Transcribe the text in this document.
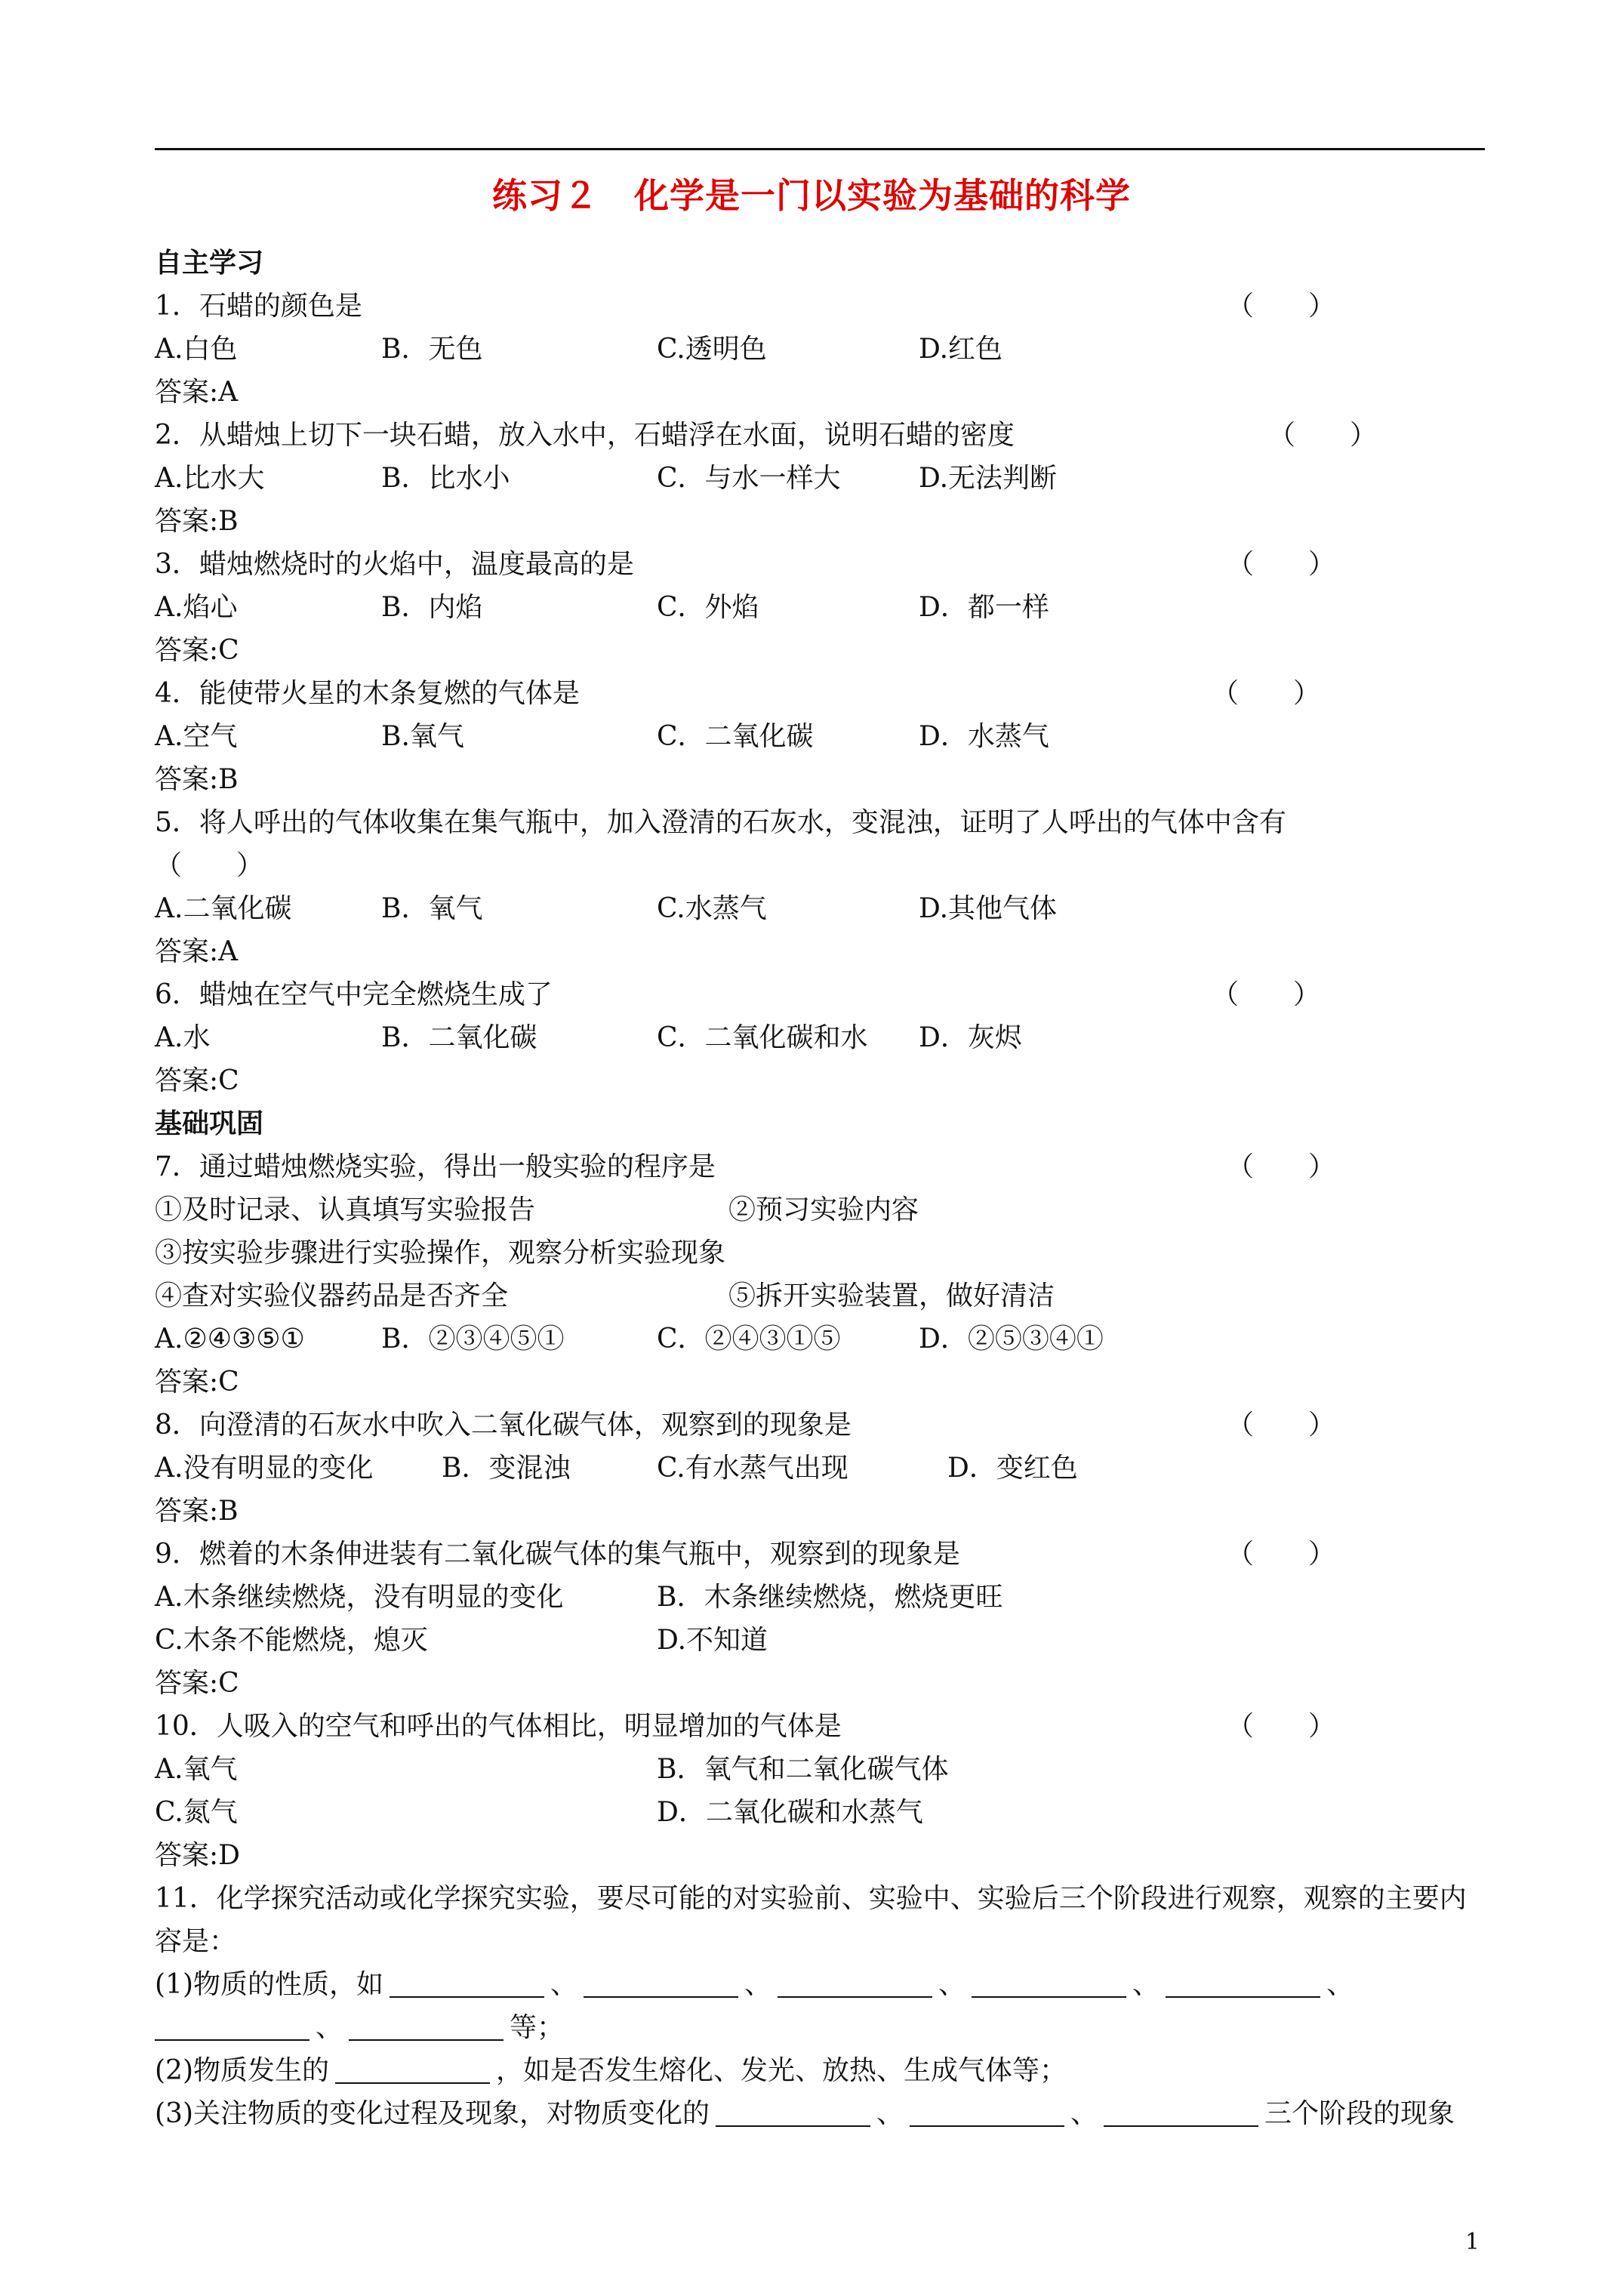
练习２　化学是一门以实验为基础的科学
自主学习
1．石蜡的颜色是	（　　）
A.白色	B．无色	C.透明色	D.红色
答案:A
2．从蜡烛上切下一块石蜡，放入水中，石蜡浮在水面，说明石蜡的密度	（　　）
A.比水大	B．比水小	C．与水一样大	D.无法判断
答案:B
3．蜡烛燃烧时的火焰中，温度最高的是	（　　）
A.焰心	B．内焰	C．外焰	D．都一样
答案:C
4．能使带火星的木条复燃的气体是	（　　）
A.空气	B.氧气	C．二氧化碳	D．水蒸气
答案:B
5．将人呼出的气体收集在集气瓶中，加入澄清的石灰水，变混浊，证明了人呼出的气体中含有
（　　）
A.二氧化碳	B．氧气	C.水蒸气	D.其他气体
答案:A
6．蜡烛在空气中完全燃烧生成了	（　　）
A.水	B．二氧化碳	C．二氧化碳和水 D．灰烬
答案:C
基础巩固
7．通过蜡烛燃烧实验，得出一般实验的程序是	（　　）
①及时记录、认真填写实验报告	②预习实验内容
③按实验步骤进行实验操作，观察分析实验现象
④查对实验仪器药品是否齐全	⑤拆开实验装置，做好清洁
A.②④③⑤①	B．②③④⑤①	C．②④③①⑤	D．②⑤③④①
答案:C
8．向澄清的石灰水中吹入二氧化碳气体，观察到的现象是	（　　）
A.没有明显的变化	B．变混浊	C.有水蒸气出现	D．变红色
答案:B
9．燃着的木条伸进装有二氧化碳气体的集气瓶中，观察到的现象是	（　　）
A.木条继续燃烧，没有明显的变化	B．木条继续燃烧，燃烧更旺
C.木条不能燃烧，熄灭	D.不知道
答案:C
10．人吸入的空气和呼出的气体相比，明显增加的气体是	（　　）
A.氧气	B．氧气和二氧化碳气体
C.氮气	D．二氧化碳和水蒸气
答案:D
11．化学探究活动或化学探究实验，要尽可能的对实验前、实验中、实验后三个阶段进行观察，观察的主要内容是：
(1)物质的性质，如	、	、	、	、	、
、	等；
(2)物质发生的	，如是否发生熔化、发光、放热、生成气体等；
(3)关注物质的变化过程及现象，对物质变化的	、	、	三个阶段的现象
1
